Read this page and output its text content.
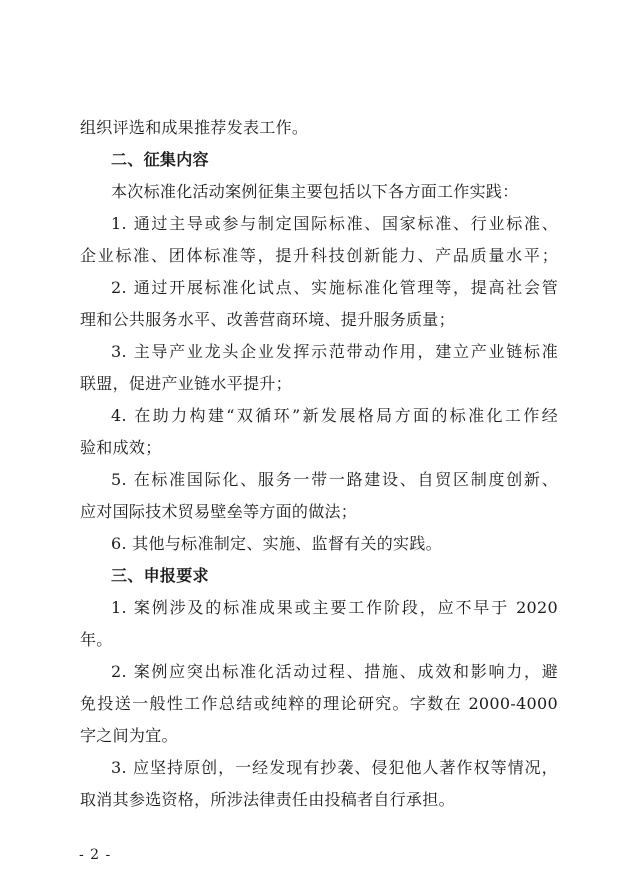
组织评选和成果推荐发表工作。
二、征集内容
本次标准化活动案例征集主要包括以下各方面工作实践：
1. 通过主导或参与制定国际标准、国家标准、行业标准、
企业标准、团体标准等，提升科技创新能力、产品质量水平；
2. 通过开展标准化试点、实施标准化管理等，提高社会管
理和公共服务水平、改善营商环境、提升服务质量；
3. 主导产业龙头企业发挥示范带动作用，建立产业链标准
联盟，促进产业链水平提升；
4. 在助力构建“双循环”新发展格局方面的标准化工作经
验和成效；
5. 在标准国际化、服务一带一路建设、自贸区制度创新、
应对国际技术贸易壁垒等方面的做法；
6. 其他与标准制定、实施、监督有关的实践。
三、申报要求
1. 案例涉及的标准成果或主要工作阶段，应不早于 2020
年。
2. 案例应突出标准化活动过程、措施、成效和影响力，避
免投送一般性工作总结或纯粹的理论研究。字数在 2000-4000
字之间为宜。
3. 应坚持原创，一经发现有抄袭、侵犯他人著作权等情况，
取消其参选资格，所涉法律责任由投稿者自行承担。
- 2 -
